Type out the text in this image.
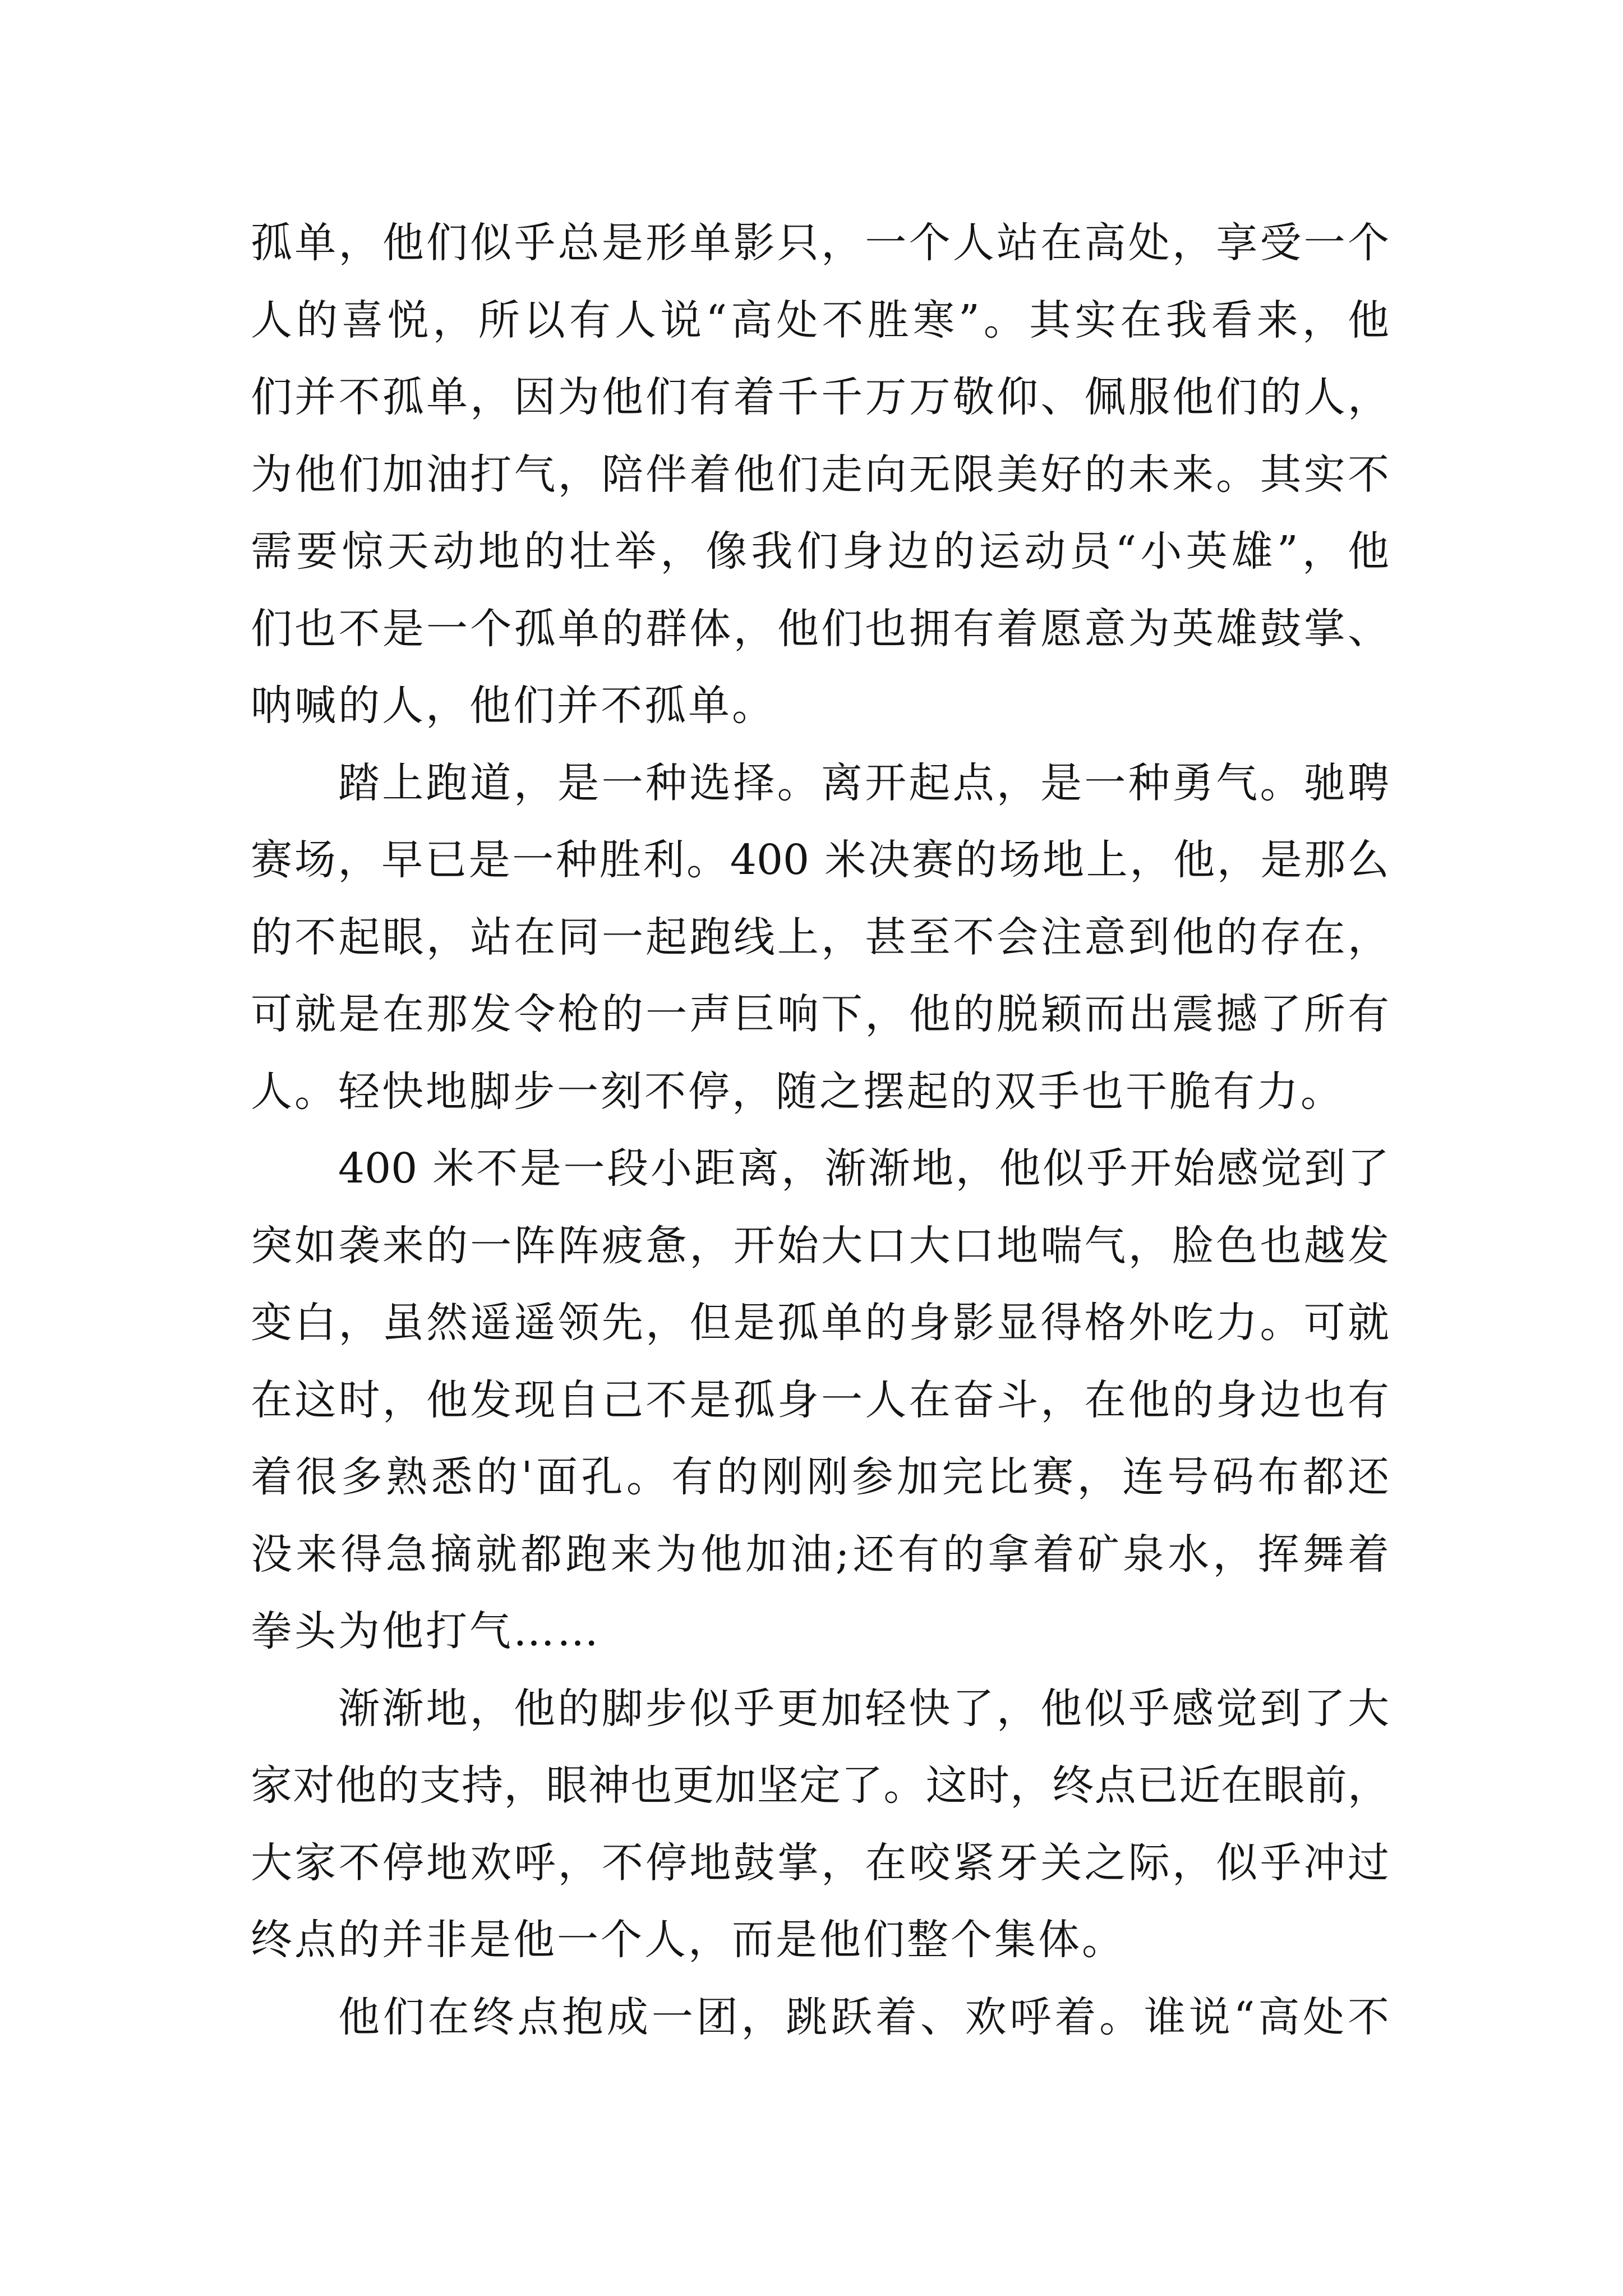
孤单，他们似乎总是形单影只，一个人站在高处，享受一个
人的喜悦，所以有人说“高处不胜寒”。其实在我看来，他
们并不孤单，因为他们有着千千万万敬仰、佩服他们的人，
为他们加油打气，陪伴着他们走向无限美好的未来。其实不
需要惊天动地的壮举，像我们身边的运动员“小英雄”，他
们也不是一个孤单的群体，他们也拥有着愿意为英雄鼓掌、
呐喊的人，他们并不孤单。
踏上跑道，是一种选择。离开起点，是一种勇气。驰聘
赛场，早已是一种胜利。400 米决赛的场地上，他，是那么
的不起眼，站在同一起跑线上，甚至不会注意到他的存在，
可就是在那发令枪的一声巨响下，他的脱颖而出震撼了所有
人。轻快地脚步一刻不停，随之摆起的双手也干脆有力。
400 米不是一段小距离，渐渐地，他似乎开始感觉到了
突如袭来的一阵阵疲惫，开始大口大口地喘气，脸色也越发
变白，虽然遥遥领先，但是孤单的身影显得格外吃力。可就
在这时，他发现自己不是孤身一人在奋斗，在他的身边也有
着很多熟悉的'面孔。有的刚刚参加完比赛，连号码布都还
没来得急摘就都跑来为他加油;还有的拿着矿泉水，挥舞着
拳头为他打气……
渐渐地，他的脚步似乎更加轻快了，他似乎感觉到了大
家对他的支持，眼神也更加坚定了。这时，终点已近在眼前，
大家不停地欢呼，不停地鼓掌，在咬紧牙关之际，似乎冲过
终点的并非是他一个人，而是他们整个集体。
他们在终点抱成一团，跳跃着、欢呼着。谁说“高处不
